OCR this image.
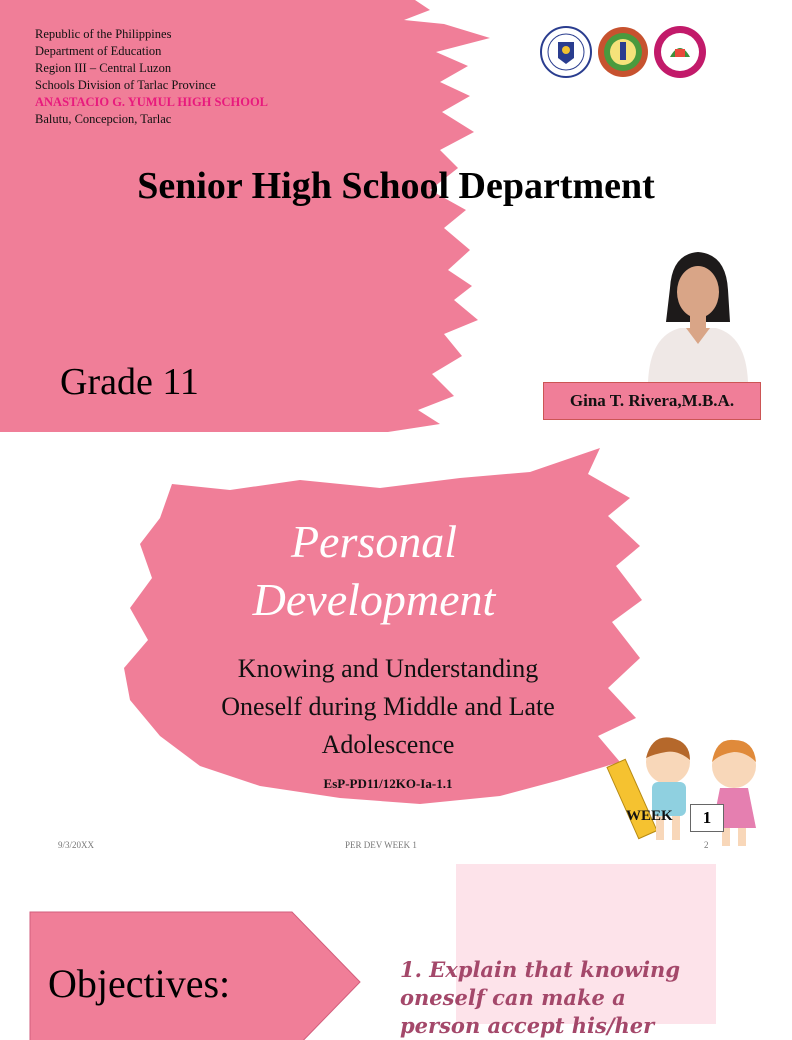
Republic of the Philippines
Department of Education
Region III – Central Luzon
Schools Division of Tarlac Province
ANASTACIO G. YUMUL HIGH SCHOOL
Balutu, Concepcion, Tarlac
Senior High School Department
Grade 11	Gina T. Rivera,M.B.A.
Personal
Development
Knowing and Understanding
Oneself during Middle and Late
Adolescence
EsP-PD11/12KO-Ia-1.1
WEEK	1
9/3/20XX	PER DEV WEEK 1	2
Objectives:	1. Explain that knowing
oneself can make a
person accept his/her
